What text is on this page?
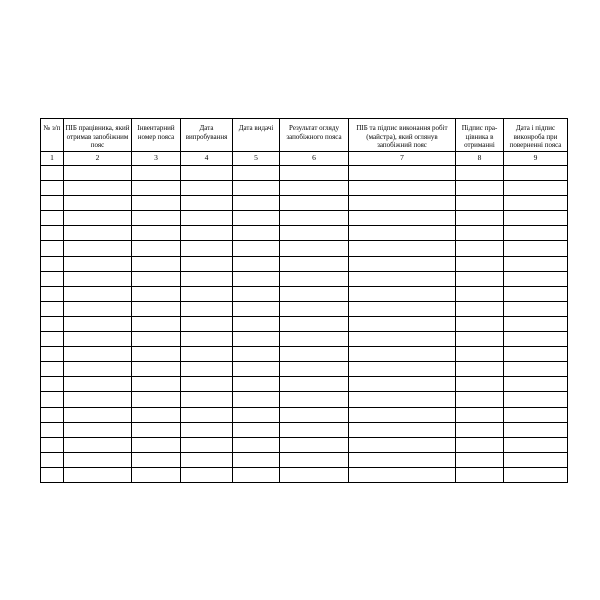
№ з/п	ПІБ працівника, який отримав запобіжним пояс	Інвентарний номер пояса	Дата випробування	Дата видачі	Результат огляду запобіжного пояса	ПІБ та підпис виконання робіт (майстра), який оглянув запобіжний пояс	Підпис пра-цівника в отриманні	Дата і підпис виконроба при поверненні пояса
1	2	3	4	5	6	7	8	9
